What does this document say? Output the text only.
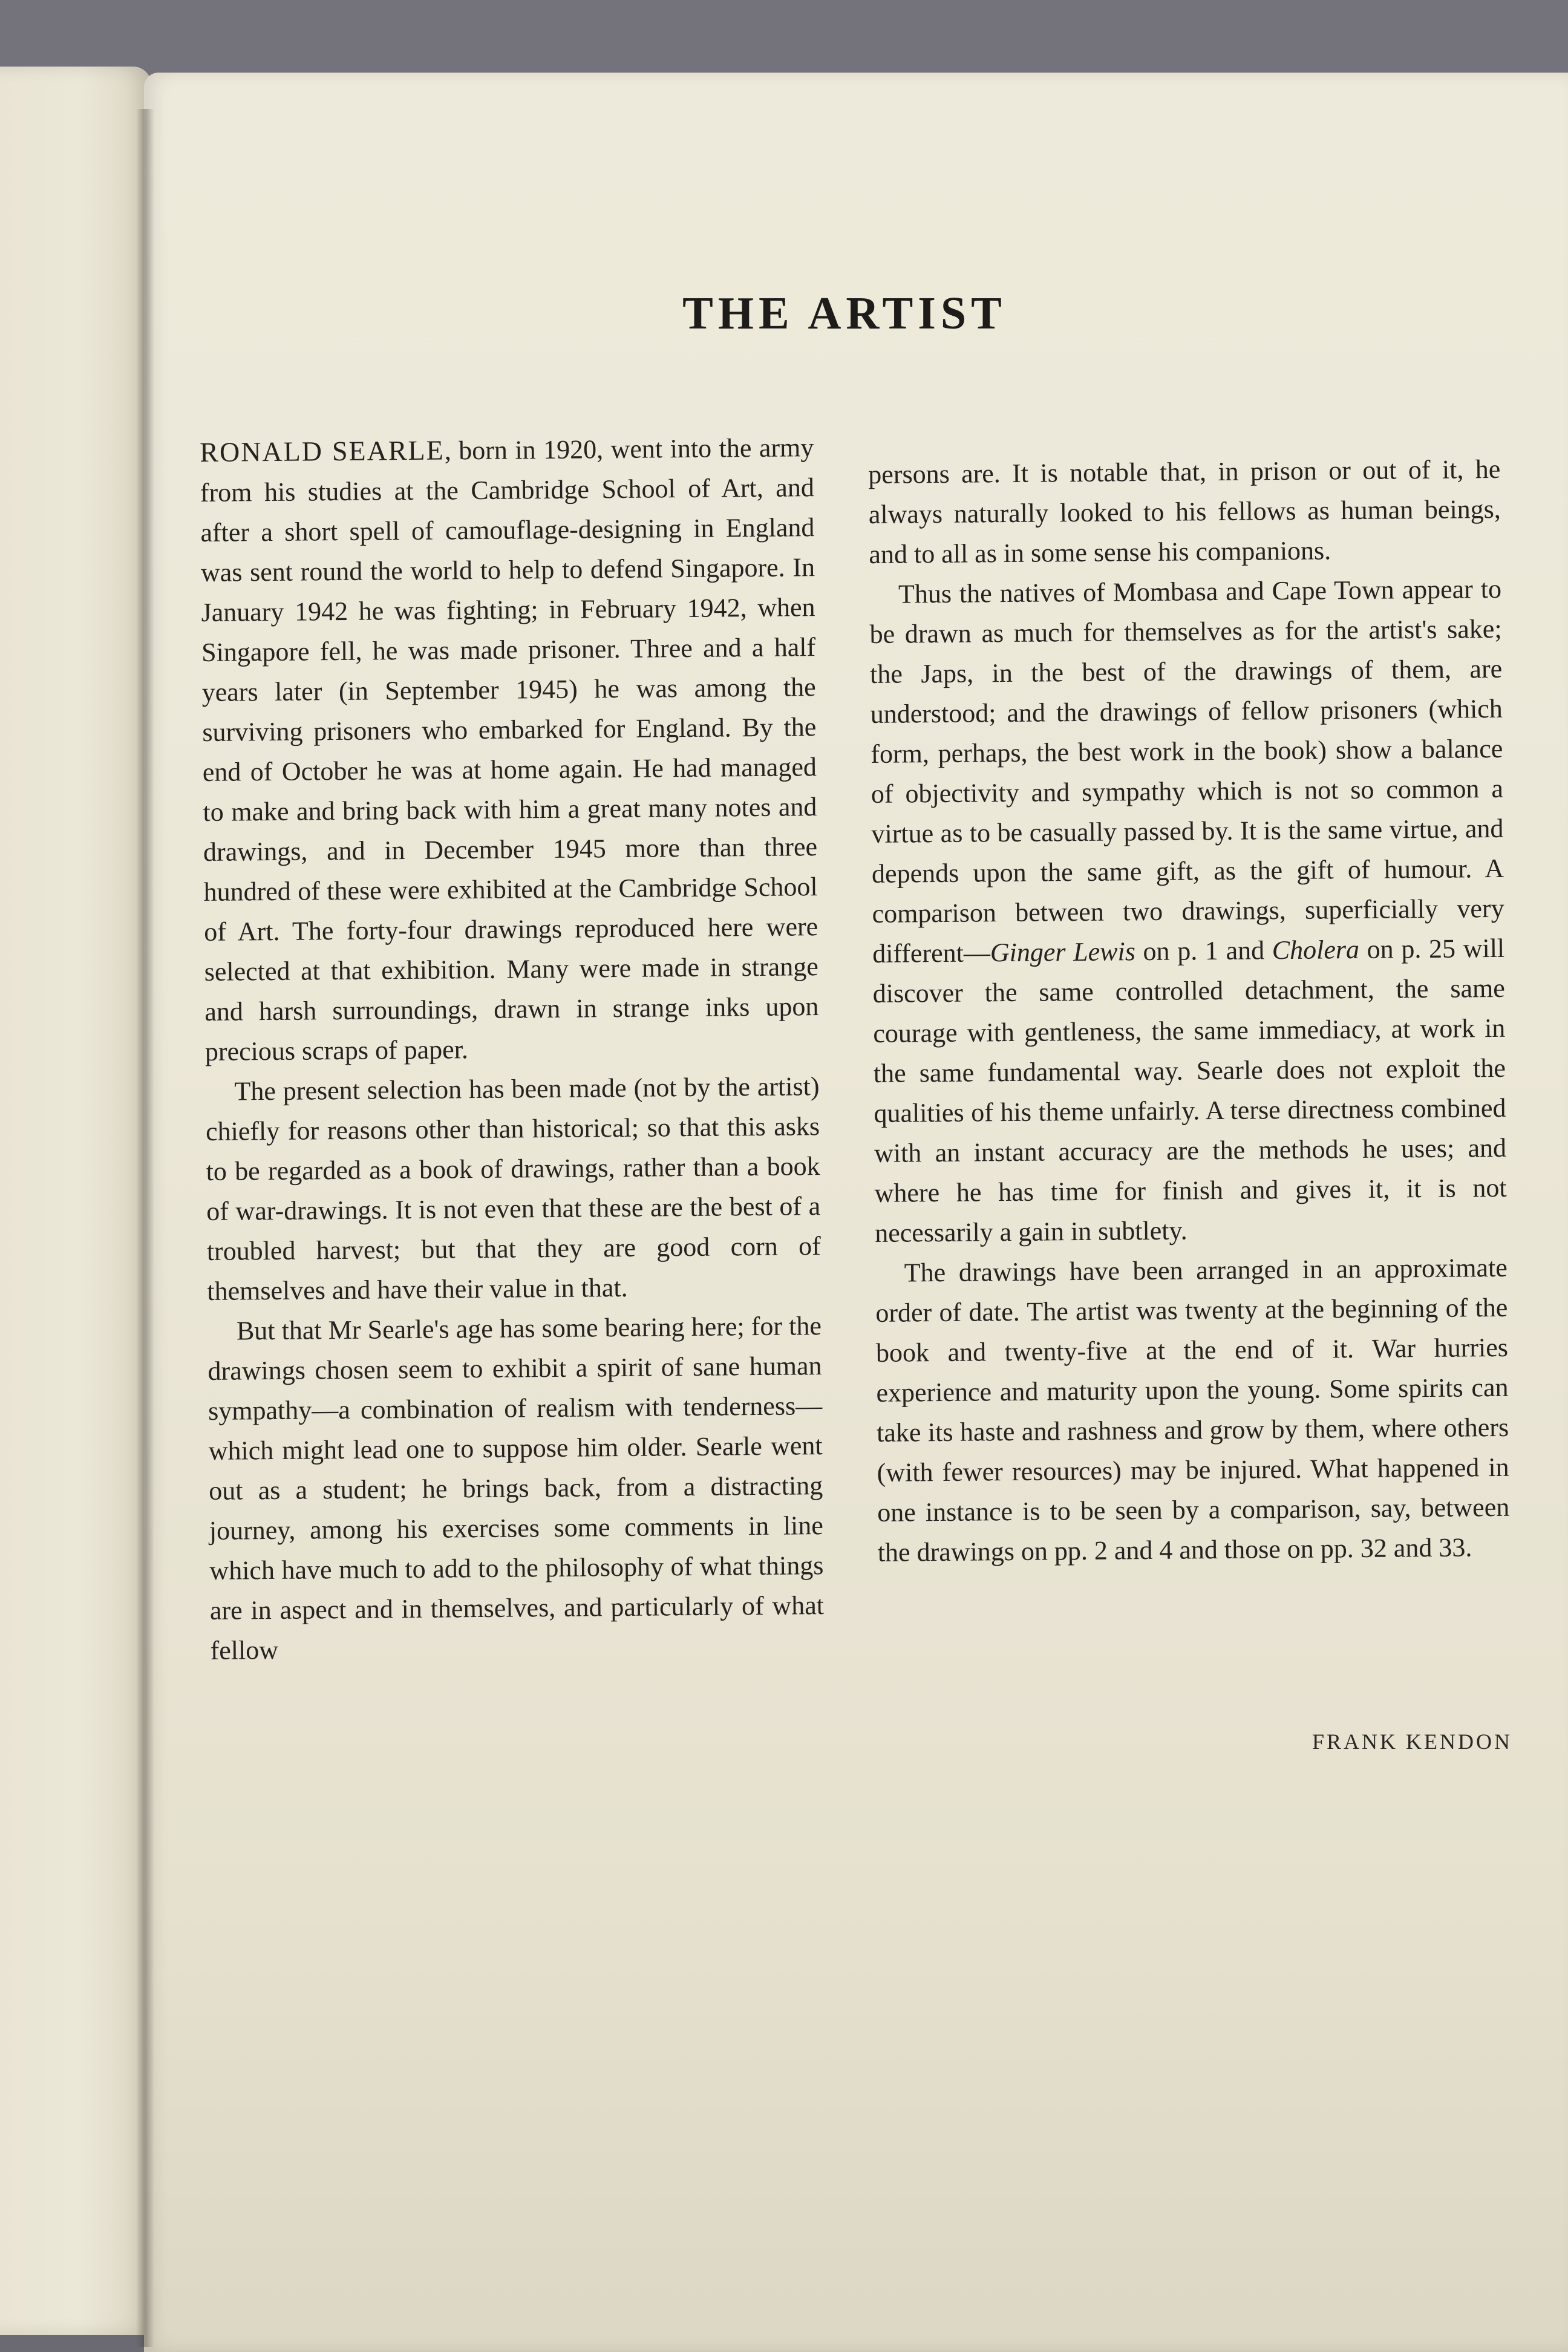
THE ARTIST

RONALD SEARLE, born in 1920, went into the army from his studies at the Cambridge School of Art, and after a short spell of camouflage-designing in England was sent round the world to help to defend Singapore. In January 1942 he was fighting; in February 1942, when Singapore fell, he was made prisoner. Three and a half years later (in September 1945) he was among the surviving prisoners who embarked for England. By the end of October he was at home again. He had managed to make and bring back with him a great many notes and drawings, and in December 1945 more than three hundred of these were exhibited at the Cambridge School of Art. The forty-four drawings reproduced here were selected at that exhibition. Many were made in strange and harsh surroundings, drawn in strange inks upon precious scraps of paper.

The present selection has been made (not by the artist) chiefly for reasons other than historical; so that this asks to be regarded as a book of drawings, rather than a book of war-drawings. It is not even that these are the best of a troubled harvest; but that they are good corn of themselves and have their value in that.

But that Mr Searle's age has some bearing here; for the drawings chosen seem to exhibit a spirit of sane human sympathy—a combination of realism with tenderness—which might lead one to suppose him older. Searle went out as a student; he brings back, from a distracting journey, among his exercises some comments in line which have much to add to the philosophy of what things are in aspect and in themselves, and particularly of what fellow

persons are. It is notable that, in prison or out of it, he always naturally looked to his fellows as human beings, and to all as in some sense his companions.

Thus the natives of Mombasa and Cape Town appear to be drawn as much for themselves as for the artist's sake; the Japs, in the best of the drawings of them, are understood; and the drawings of fellow prisoners (which form, perhaps, the best work in the book) show a balance of objectivity and sympathy which is not so common a virtue as to be casually passed by. It is the same virtue, and depends upon the same gift, as the gift of humour. A comparison between two drawings, superficially very different—Ginger Lewis on p. 1 and Cholera on p. 25 will discover the same controlled detachment, the same courage with gentleness, the same immediacy, at work in the same fundamental way. Searle does not exploit the qualities of his theme unfairly. A terse directness combined with an instant accuracy are the methods he uses; and where he has time for finish and gives it, it is not necessarily a gain in subtlety.

The drawings have been arranged in an approximate order of date. The artist was twenty at the beginning of the book and twenty-five at the end of it. War hurries experience and maturity upon the young. Some spirits can take its haste and rashness and grow by them, where others (with fewer resources) may be injured. What happened in one instance is to be seen by a comparison, say, between the drawings on pp. 2 and 4 and those on pp. 32 and 33.

FRANK KENDON
